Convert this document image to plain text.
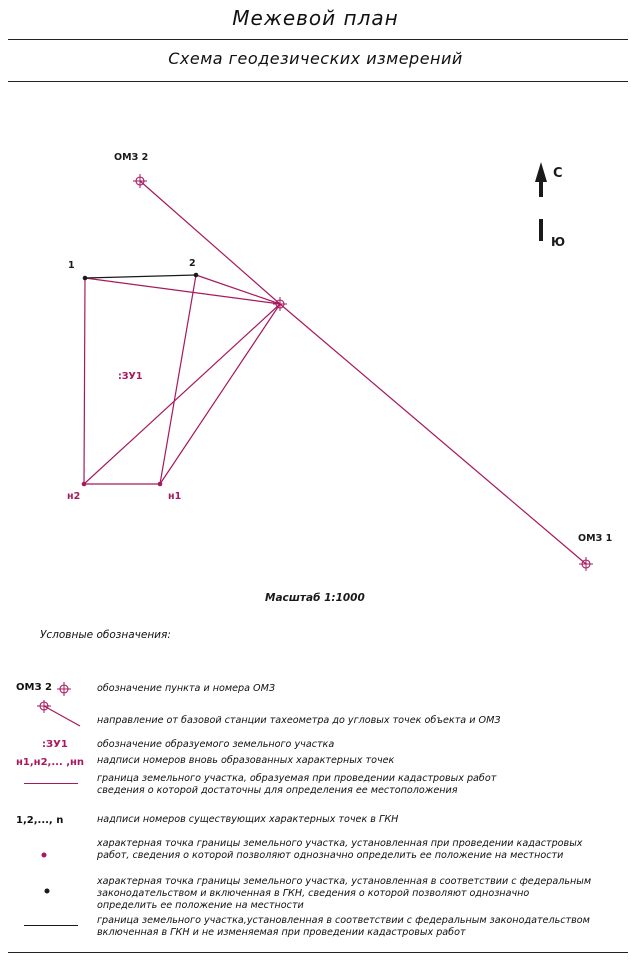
Межевой план
Схема геодезических измерений
ОМЗ 2
ОМЗ 1
1	2
н2	н1
:ЗУ1
С
Ю
Масштаб 1:1000
Условные обозначения:
ОМЗ 2	обозначение пункта и номера ОМЗ
направление от базовой станции тахеометра до угловых точек объекта и ОМЗ
:ЗУ1	обозначение образуемого земельного участка
н1,н2,... ,нn надписи номеров вновь образованных характерных точек
граница земельного участка, образуемая при проведении кадастровых работ сведения о которой достаточны для определения ее местоположения
1,2,..., n	надписи номеров существующих характерных точек в ГКН
характерная точка границы земельного участка, установленная при проведении кадастровых работ, сведения о которой позволяют однозначно определить ее положение на местности
характерная точка границы земельного участка, установленная в соответствии с федеральным законодательством и включенная в ГКН, сведения о которой позволяют однозначно определить ее положение на местности
граница земельного участка,установленная в соответствии с федеральным законодательством включенная в ГКН и не изменяемая при проведении кадастровых работ
